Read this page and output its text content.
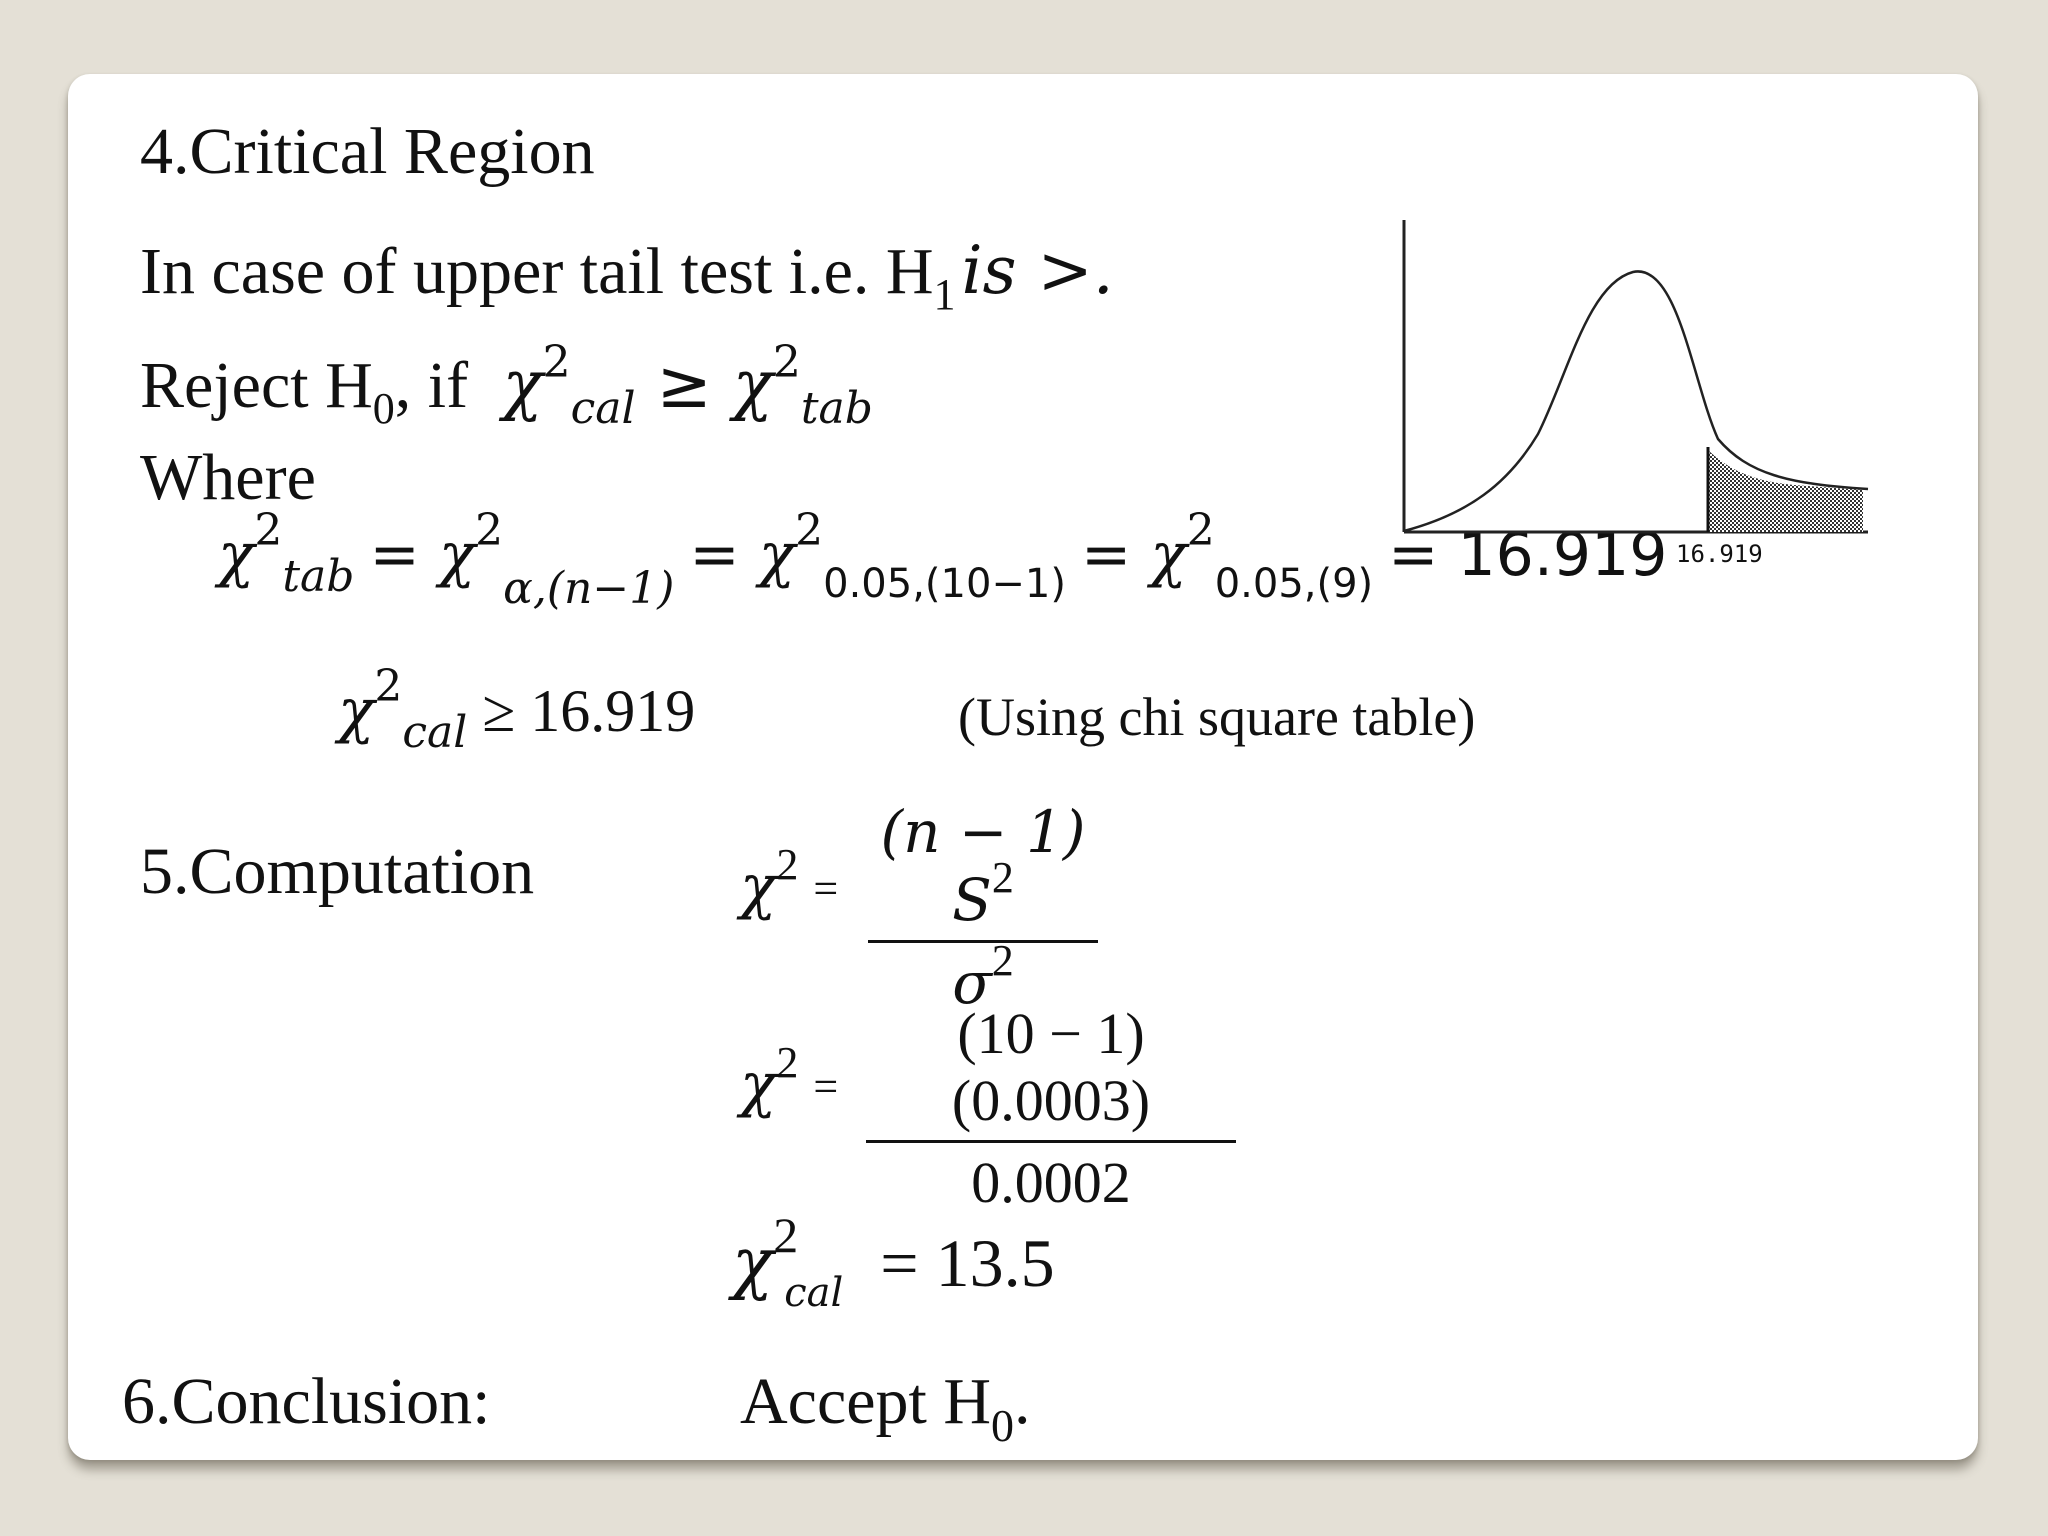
4.Critical Region
In case of upper tail test i.e. $H_1is$ >.
Reject $H_0$, if $\chi^2_{cal} \ge \chi^2_{tab}$
Where
$\chi^2_{tab} = \chi^2_{\alpha,(n-1)} = \chi^2_{0.05,(10-1)} = \chi^2_{0.05,(9)} = 16.919$
$\chi^2_{cal} \ge 16.919$	(Using chi square table)
16.919
5.Computation	$\chi^2$ =
(n − 1) $S^2$
$\sigma^2$
$\chi^2$ =
(10 − 1)(0.0003)
0.0002
$\chi^2_{cal} = 13.5$
6.Conclusion:	Accept $H_0$.
